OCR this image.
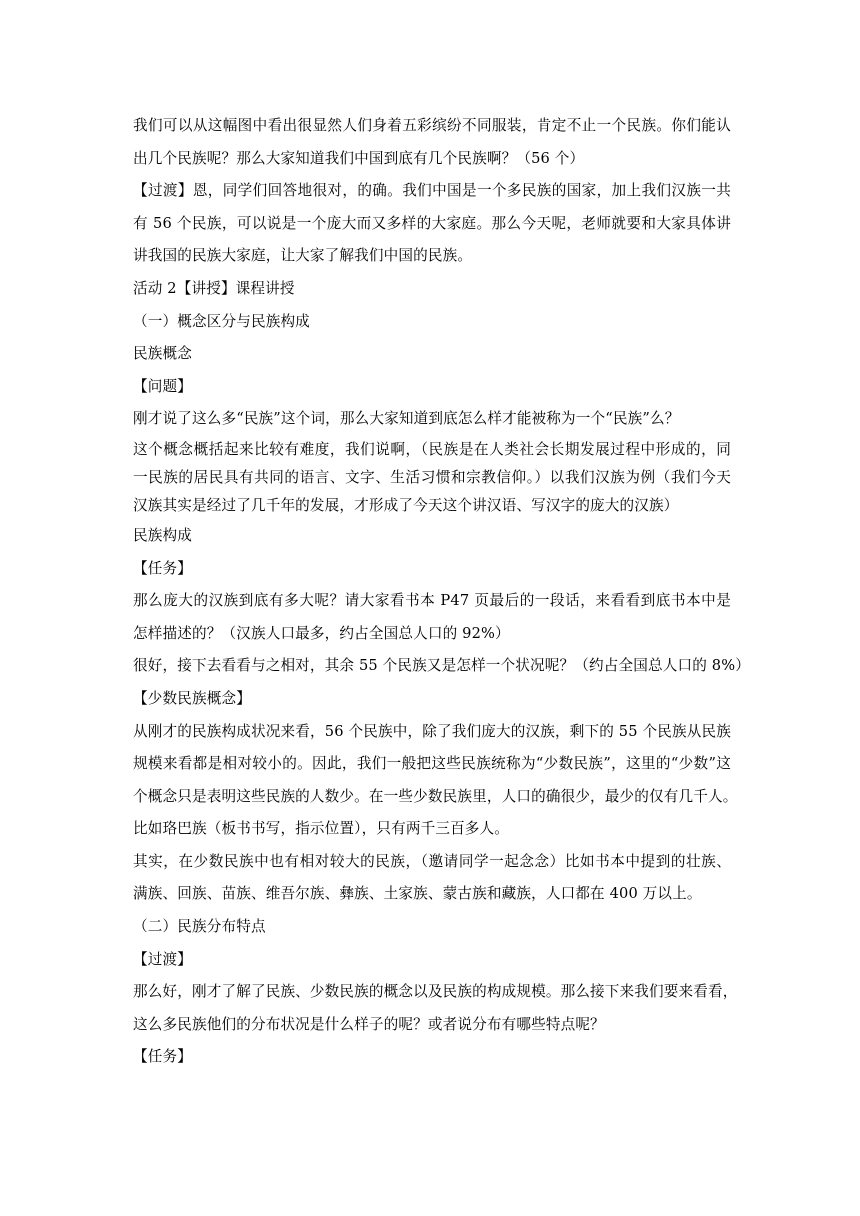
我们可以从这幅图中看出很显然人们身着五彩缤纷不同服装，肯定不止一个民族。你们能认
出几个民族呢？那么大家知道我们中国到底有几个民族啊？（56 个）
【过渡】恩，同学们回答地很对，的确。我们中国是一个多民族的国家，加上我们汉族一共
有 56 个民族，可以说是一个庞大而又多样的大家庭。那么今天呢，老师就要和大家具体讲
讲我国的民族大家庭，让大家了解我们中国的民族。
活动 2【讲授】课程讲授
（一）概念区分与民族构成
民族概念
【问题】
刚才说了这么多“民族”这个词，那么大家知道到底怎么样才能被称为一个“民族”么？
这个概念概括起来比较有难度，我们说啊，（民族是在人类社会长期发展过程中形成的，同
一民族的居民具有共同的语言、文字、生活习惯和宗教信仰。）以我们汉族为例（我们今天
汉族其实是经过了几千年的发展，才形成了今天这个讲汉语、写汉字的庞大的汉族）
民族构成
【任务】
那么庞大的汉族到底有多大呢？请大家看书本 P47 页最后的一段话，来看看到底书本中是
怎样描述的？（汉族人口最多，约占全国总人口的 92%）
很好，接下去看看与之相对，其余 55 个民族又是怎样一个状况呢？（约占全国总人口的 8%）
【少数民族概念】
从刚才的民族构成状况来看，56 个民族中，除了我们庞大的汉族，剩下的 55 个民族从民族
规模来看都是相对较小的。因此，我们一般把这些民族统称为“少数民族”，这里的“少数”这
个概念只是表明这些民族的人数少。在一些少数民族里，人口的确很少，最少的仅有几千人。
比如珞巴族（板书书写，指示位置），只有两千三百多人。
其实，在少数民族中也有相对较大的民族，（邀请同学一起念念）比如书本中提到的壮族、
满族、回族、苗族、维吾尔族、彝族、土家族、蒙古族和藏族，人口都在 400 万以上。
（二）民族分布特点
【过渡】
那么好，刚才了解了民族、少数民族的概念以及民族的构成规模。那么接下来我们要来看看，
这么多民族他们的分布状况是什么样子的呢？或者说分布有哪些特点呢？
【任务】
